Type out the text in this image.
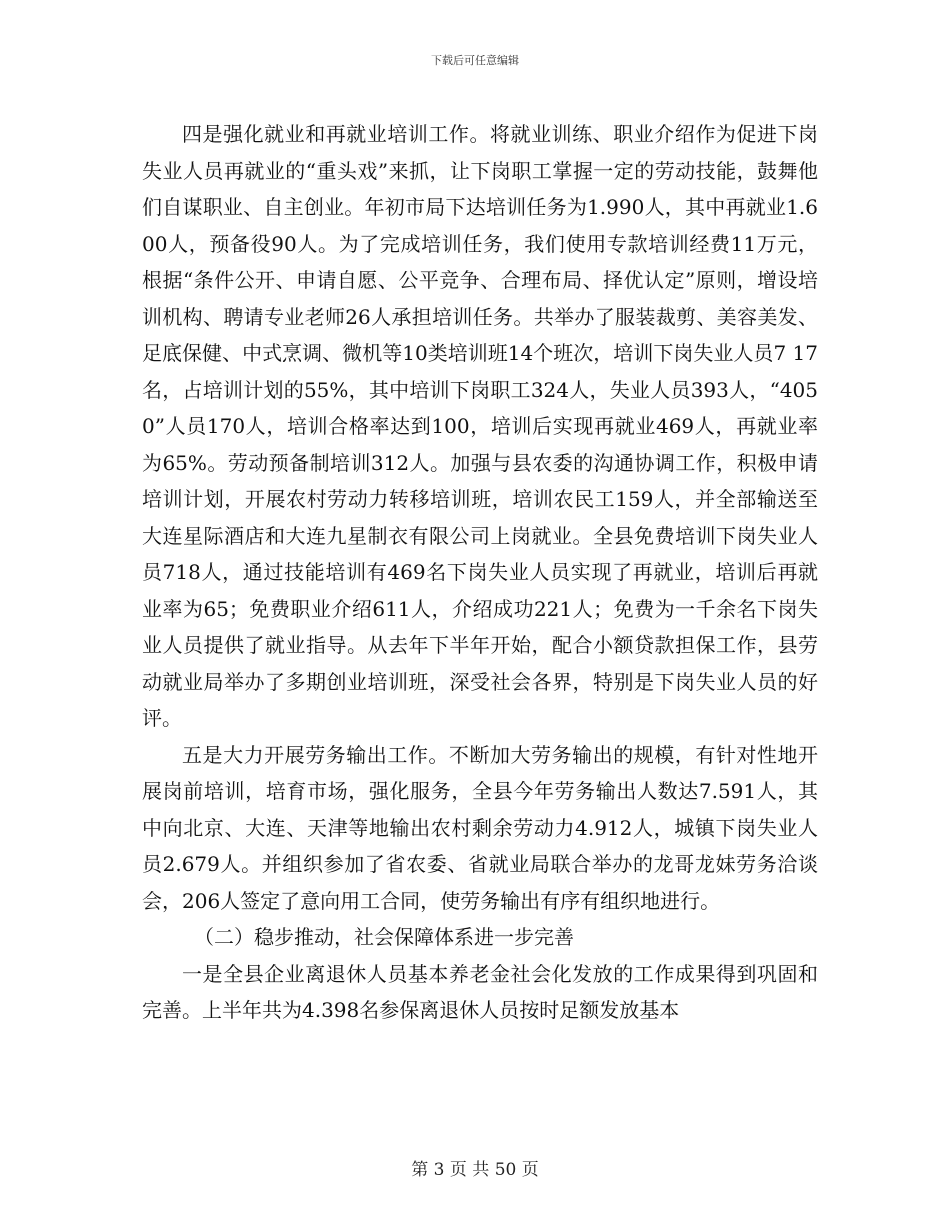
下载后可任意编辑

四是强化就业和再就业培训工作。将就业训练、职业介绍作为促进下岗失业人员再就业的“重头戏”来抓，让下岗职工掌握一定的劳动技能，鼓舞他们自谋职业、自主创业。年初市局下达培训任务为1.990人，其中再就业1.600人，预备役90人。为了完成培训任务，我们使用专款培训经费11万元，根据“条件公开、申请自愿、公平竞争、合理布局、择优认定”原则，增设培训机构、聘请专业老师26人承担培训任务。共举办了服装裁剪、美容美发、足底保健、中式烹调、微机等10类培训班14个班次，培训下岗失业人员7 17名，占培训计划的55%，其中培训下岗职工324人，失业人员393人，“4050”人员170人，培训合格率达到100，培训后实现再就业469人，再就业率为65%。劳动预备制培训312人。加强与县农委的沟通协调工作，积极申请培训计划，开展农村劳动力转移培训班，培训农民工159人，并全部输送至大连星际酒店和大连九星制衣有限公司上岗就业。全县免费培训下岗失业人员718人，通过技能培训有469名下岗失业人员实现了再就业，培训后再就业率为65；免费职业介绍611人，介绍成功221人；免费为一千余名下岗失业人员提供了就业指导。从去年下半年开始，配合小额贷款担保工作，县劳动就业局举办了多期创业培训班，深受社会各界，特别是下岗失业人员的好评。

五是大力开展劳务输出工作。不断加大劳务输出的规模，有针对性地开展岗前培训，培育市场，强化服务，全县今年劳务输出人数达7.591人，其中向北京、大连、天津等地输出农村剩余劳动力4.912人，城镇下岗失业人员2.679人。并组织参加了省农委、省就业局联合举办的龙哥龙妹劳务洽谈会，206人签定了意向用工合同，使劳务输出有序有组织地进行。

（二）稳步推动，社会保障体系进一步完善

一是全县企业离退休人员基本养老金社会化发放的工作成果得到巩固和完善。上半年共为4.398名参保离退休人员按时足额发放基本

第 3 页 共 50 页
